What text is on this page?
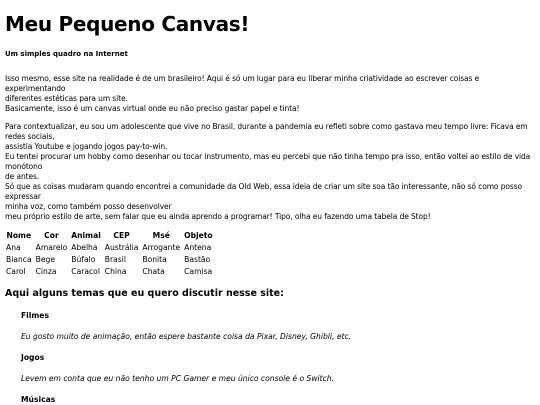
Meu Pequeno Canvas!
Um simples quadro na Internet
Isso mesmo, esse site na realidade é de um brasileiro! Aqui é só um lugar para eu liberar minha criatividade ao escrever coisas e experimentando
diferentes estéticas para um site.
Basicamente, isso é um canvas virtual onde eu não preciso gastar papel e tinta!
Para contextualizar, eu sou um adolescente que vive no Brasil, durante a pandemia eu refleti sobre como gastava meu tempo livre: Ficava em redes sociais,
assistia Youtube e jogando jogos pay-to-win.
Eu tentei procurar um hobby como desenhar ou tocar instrumento, mas eu percebi que não tinha tempo pra isso, então voltei ao estilo de vida monótono
de antes.
Só que as coisas mudaram quando encontrei a comunidade da Old Web, essa ideia de criar um site soa tão interessante, não só como posso expressar
minha voz, como também posso desenvolver
meu próprio estilo de arte, sem falar que eu ainda aprendo a programar! Tipo, olha eu fazendo uma tabela de Stop!
Nome	Cor	Animal	CEP	Msé	Objeto
Ana	Amarelo	Abelha	Austrália	Arrogante	Antena
Bianca	Bege	Búfalo	Brasil	Bonita	Bastão
Carol	Cinza	Caracol	China	Chata	Camisa
Aqui alguns temas que eu quero discutir nesse site:
Filmes

Eu gosto muito de animação, então espere bastante coisa da Pixar, Disney, Ghibli, etc.

Jogos

Levem em conta que eu não tenho um PC Gamer e meu único console é o Switch.

Músicas
